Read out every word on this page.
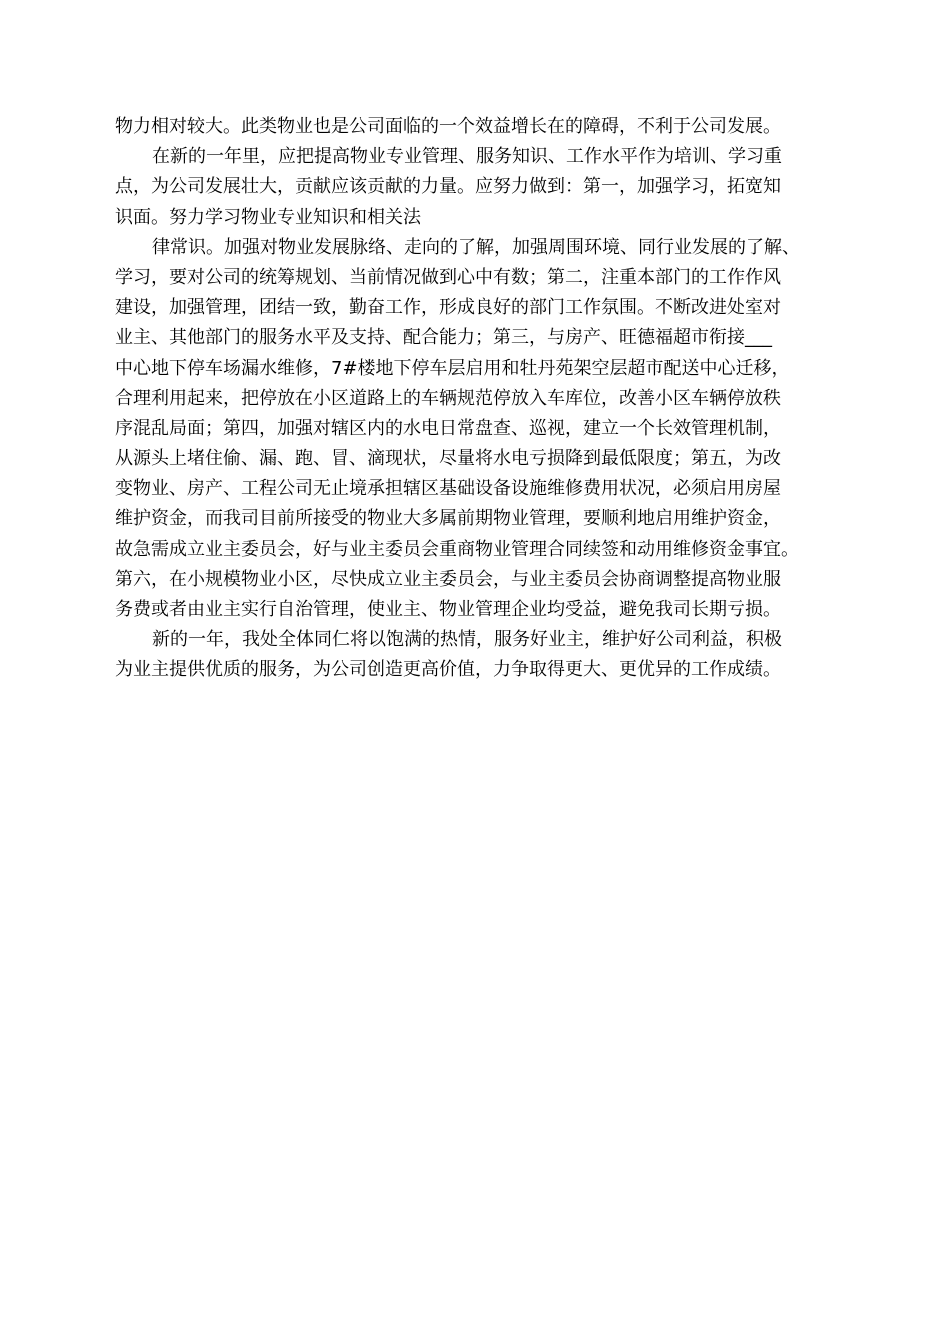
物力相对较大。此类物业也是公司面临的一个效益增长在的障碍，不利于公司发展。
在新的一年里，应把提高物业专业管理、服务知识、工作水平作为培训、学习重
点，为公司发展壮大，贡献应该贡献的力量。应努力做到：第一，加强学习，拓宽知
识面。努力学习物业专业知识和相关法
律常识。加强对物业发展脉络、走向的了解，加强周围环境、同行业发展的了解、
学习，要对公司的统筹规划、当前情况做到心中有数；第二，注重本部门的工作作风
建设，加强管理，团结一致，勤奋工作，形成良好的部门工作氛围。不断改进处室对
业主、其他部门的服务水平及支持、配合能力；第三，与房产、旺德福超市衔接___
中心地下停车场漏水维修，7#楼地下停车层启用和牡丹苑架空层超市配送中心迁移，
合理利用起来，把停放在小区道路上的车辆规范停放入车库位，改善小区车辆停放秩
序混乱局面；第四，加强对辖区内的水电日常盘查、巡视，建立一个长效管理机制，
从源头上堵住偷、漏、跑、冒、滴现状，尽量将水电亏损降到最低限度；第五，为改
变物业、房产、工程公司无止境承担辖区基础设备设施维修费用状况，必须启用房屋
维护资金，而我司目前所接受的物业大多属前期物业管理，要顺利地启用维护资金，
故急需成立业主委员会，好与业主委员会重商物业管理合同续签和动用维修资金事宜。
第六，在小规模物业小区，尽快成立业主委员会，与业主委员会协商调整提高物业服
务费或者由业主实行自治管理，使业主、物业管理企业均受益，避免我司长期亏损。
新的一年，我处全体同仁将以饱满的热情，服务好业主，维护好公司利益，积极
为业主提供优质的服务，为公司创造更高价值，力争取得更大、更优异的工作成绩。
